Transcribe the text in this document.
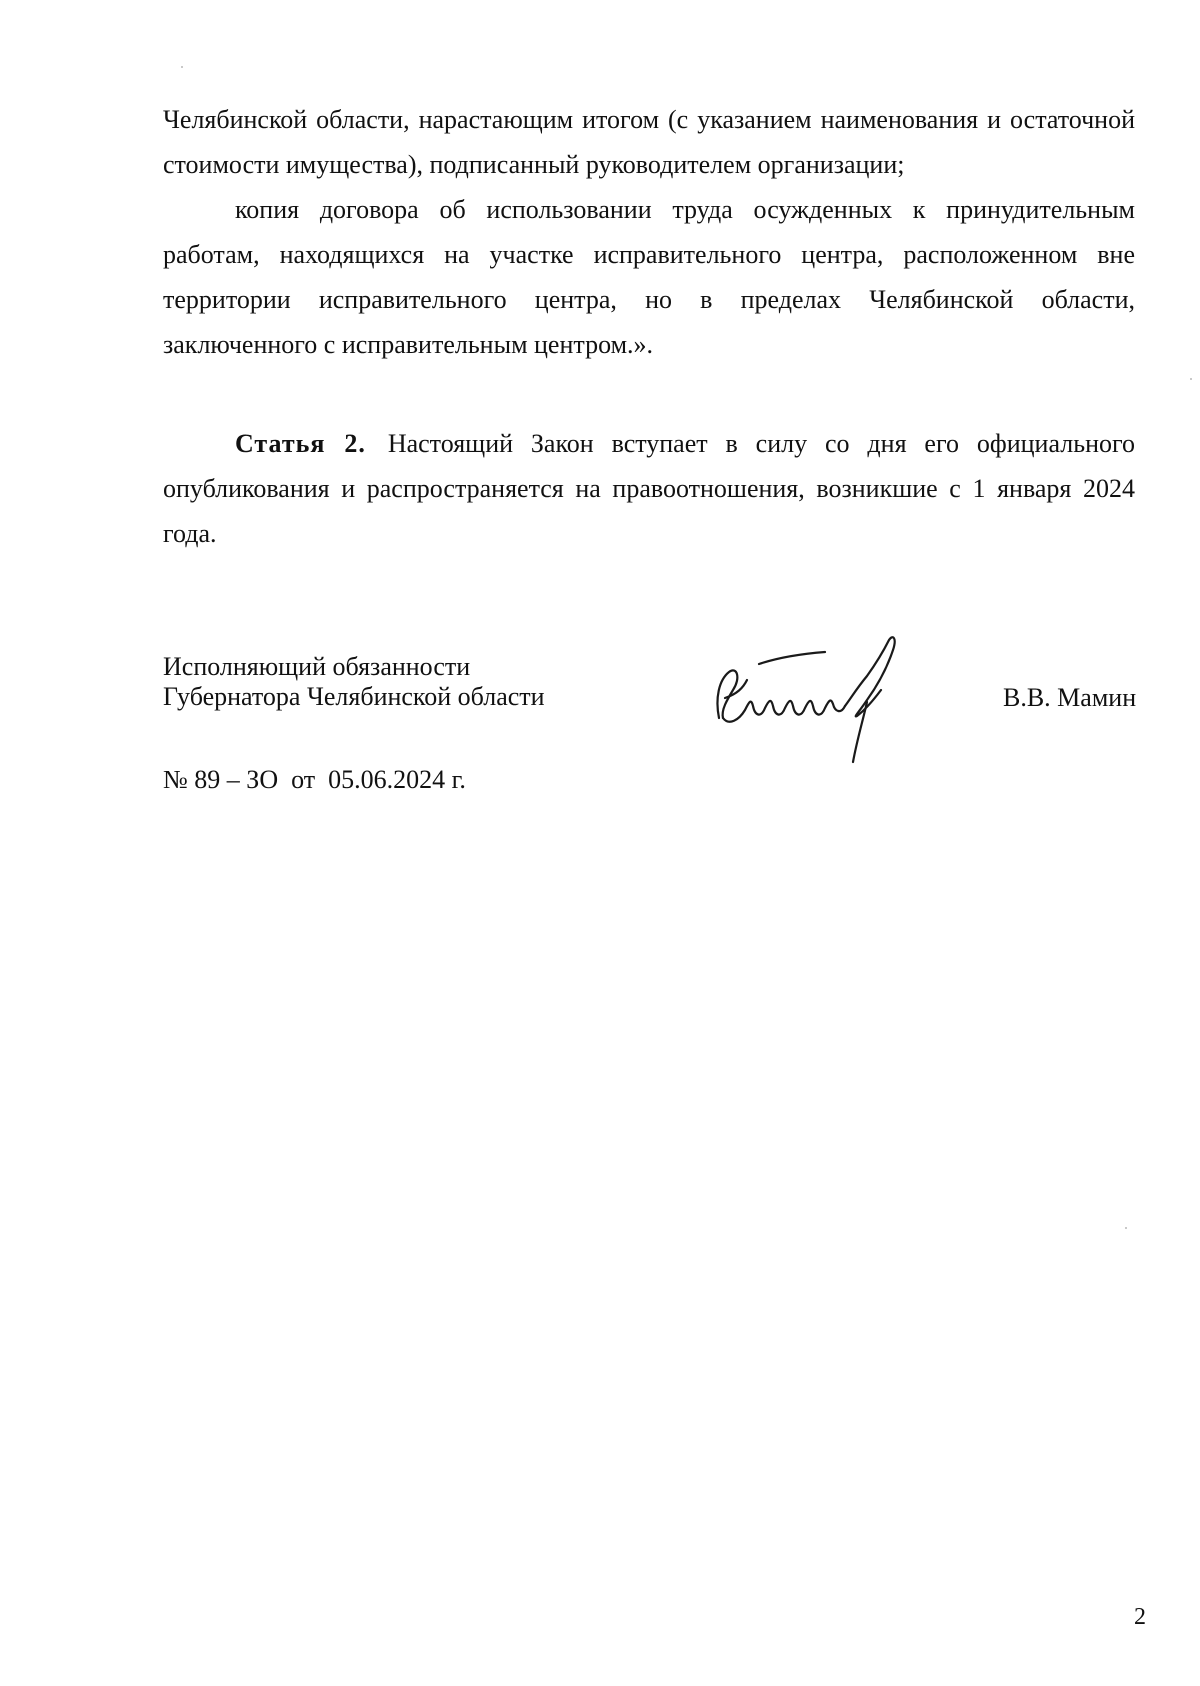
Челябинской области, нарастающим итогом (с указанием наименования и остаточной стоимости имущества), подписанный руководителем организации;

копия договора об использовании труда осужденных к принудительным работам, находящихся на участке исправительного центра, расположенном вне территории исправительного центра, но в пределах Челябинской области, заключенного с исправительным центром.».

Статья 2. Настоящий Закон вступает в силу со дня его официального опубликования и распространяется на правоотношения, возникшие с 1 января 2024 года.

Исполняющий обязанности
Губернатора Челябинской области	В.В. Мамин
№ 89 – ЗО  от  05.06.2024 г.
2
